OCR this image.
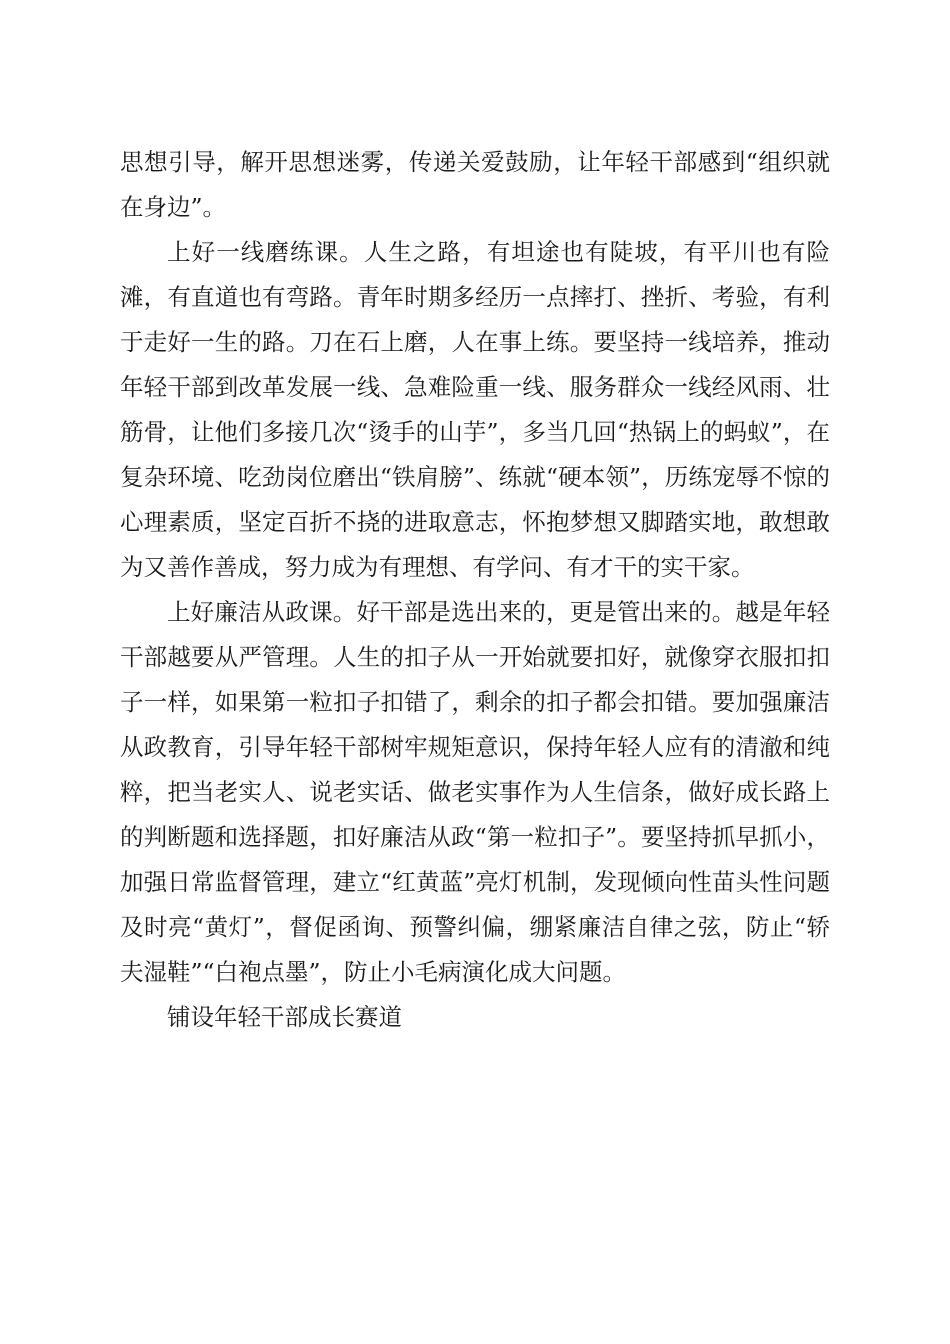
思想引导，解开思想迷雾，传递关爱鼓励，让年轻干部感到“组织就在身边”。

上好一线磨练课。人生之路，有坦途也有陡坡，有平川也有险滩，有直道也有弯路。青年时期多经历一点摔打、挫折、考验，有利于走好一生的路。刀在石上磨，人在事上练。要坚持一线培养，推动年轻干部到改革发展一线、急难险重一线、服务群众一线经风雨、壮筋骨，让他们多接几次“烫手的山芋”，多当几回“热锅上的蚂蚁”，在复杂环境、吃劲岗位磨出“铁肩膀”、练就“硬本领”，历练宠辱不惊的心理素质，坚定百折不挠的进取意志，怀抱梦想又脚踏实地，敢想敢为又善作善成，努力成为有理想、有学问、有才干的实干家。

上好廉洁从政课。好干部是选出来的，更是管出来的。越是年轻干部越要从严管理。人生的扣子从一开始就要扣好，就像穿衣服扣扣子一样，如果第一粒扣子扣错了，剩余的扣子都会扣错。要加强廉洁从政教育，引导年轻干部树牢规矩意识，保持年轻人应有的清澈和纯粹，把当老实人、说老实话、做老实事作为人生信条，做好成长路上的判断题和选择题，扣好廉洁从政“第一粒扣子”。要坚持抓早抓小，加强日常监督管理，建立“红黄蓝”亮灯机制，发现倾向性苗头性问题及时亮“黄灯”，督促函询、预警纠偏，绷紧廉洁自律之弦，防止“轿夫湿鞋”“白袍点墨”，防止小毛病演化成大问题。

铺设年轻干部成长赛道
